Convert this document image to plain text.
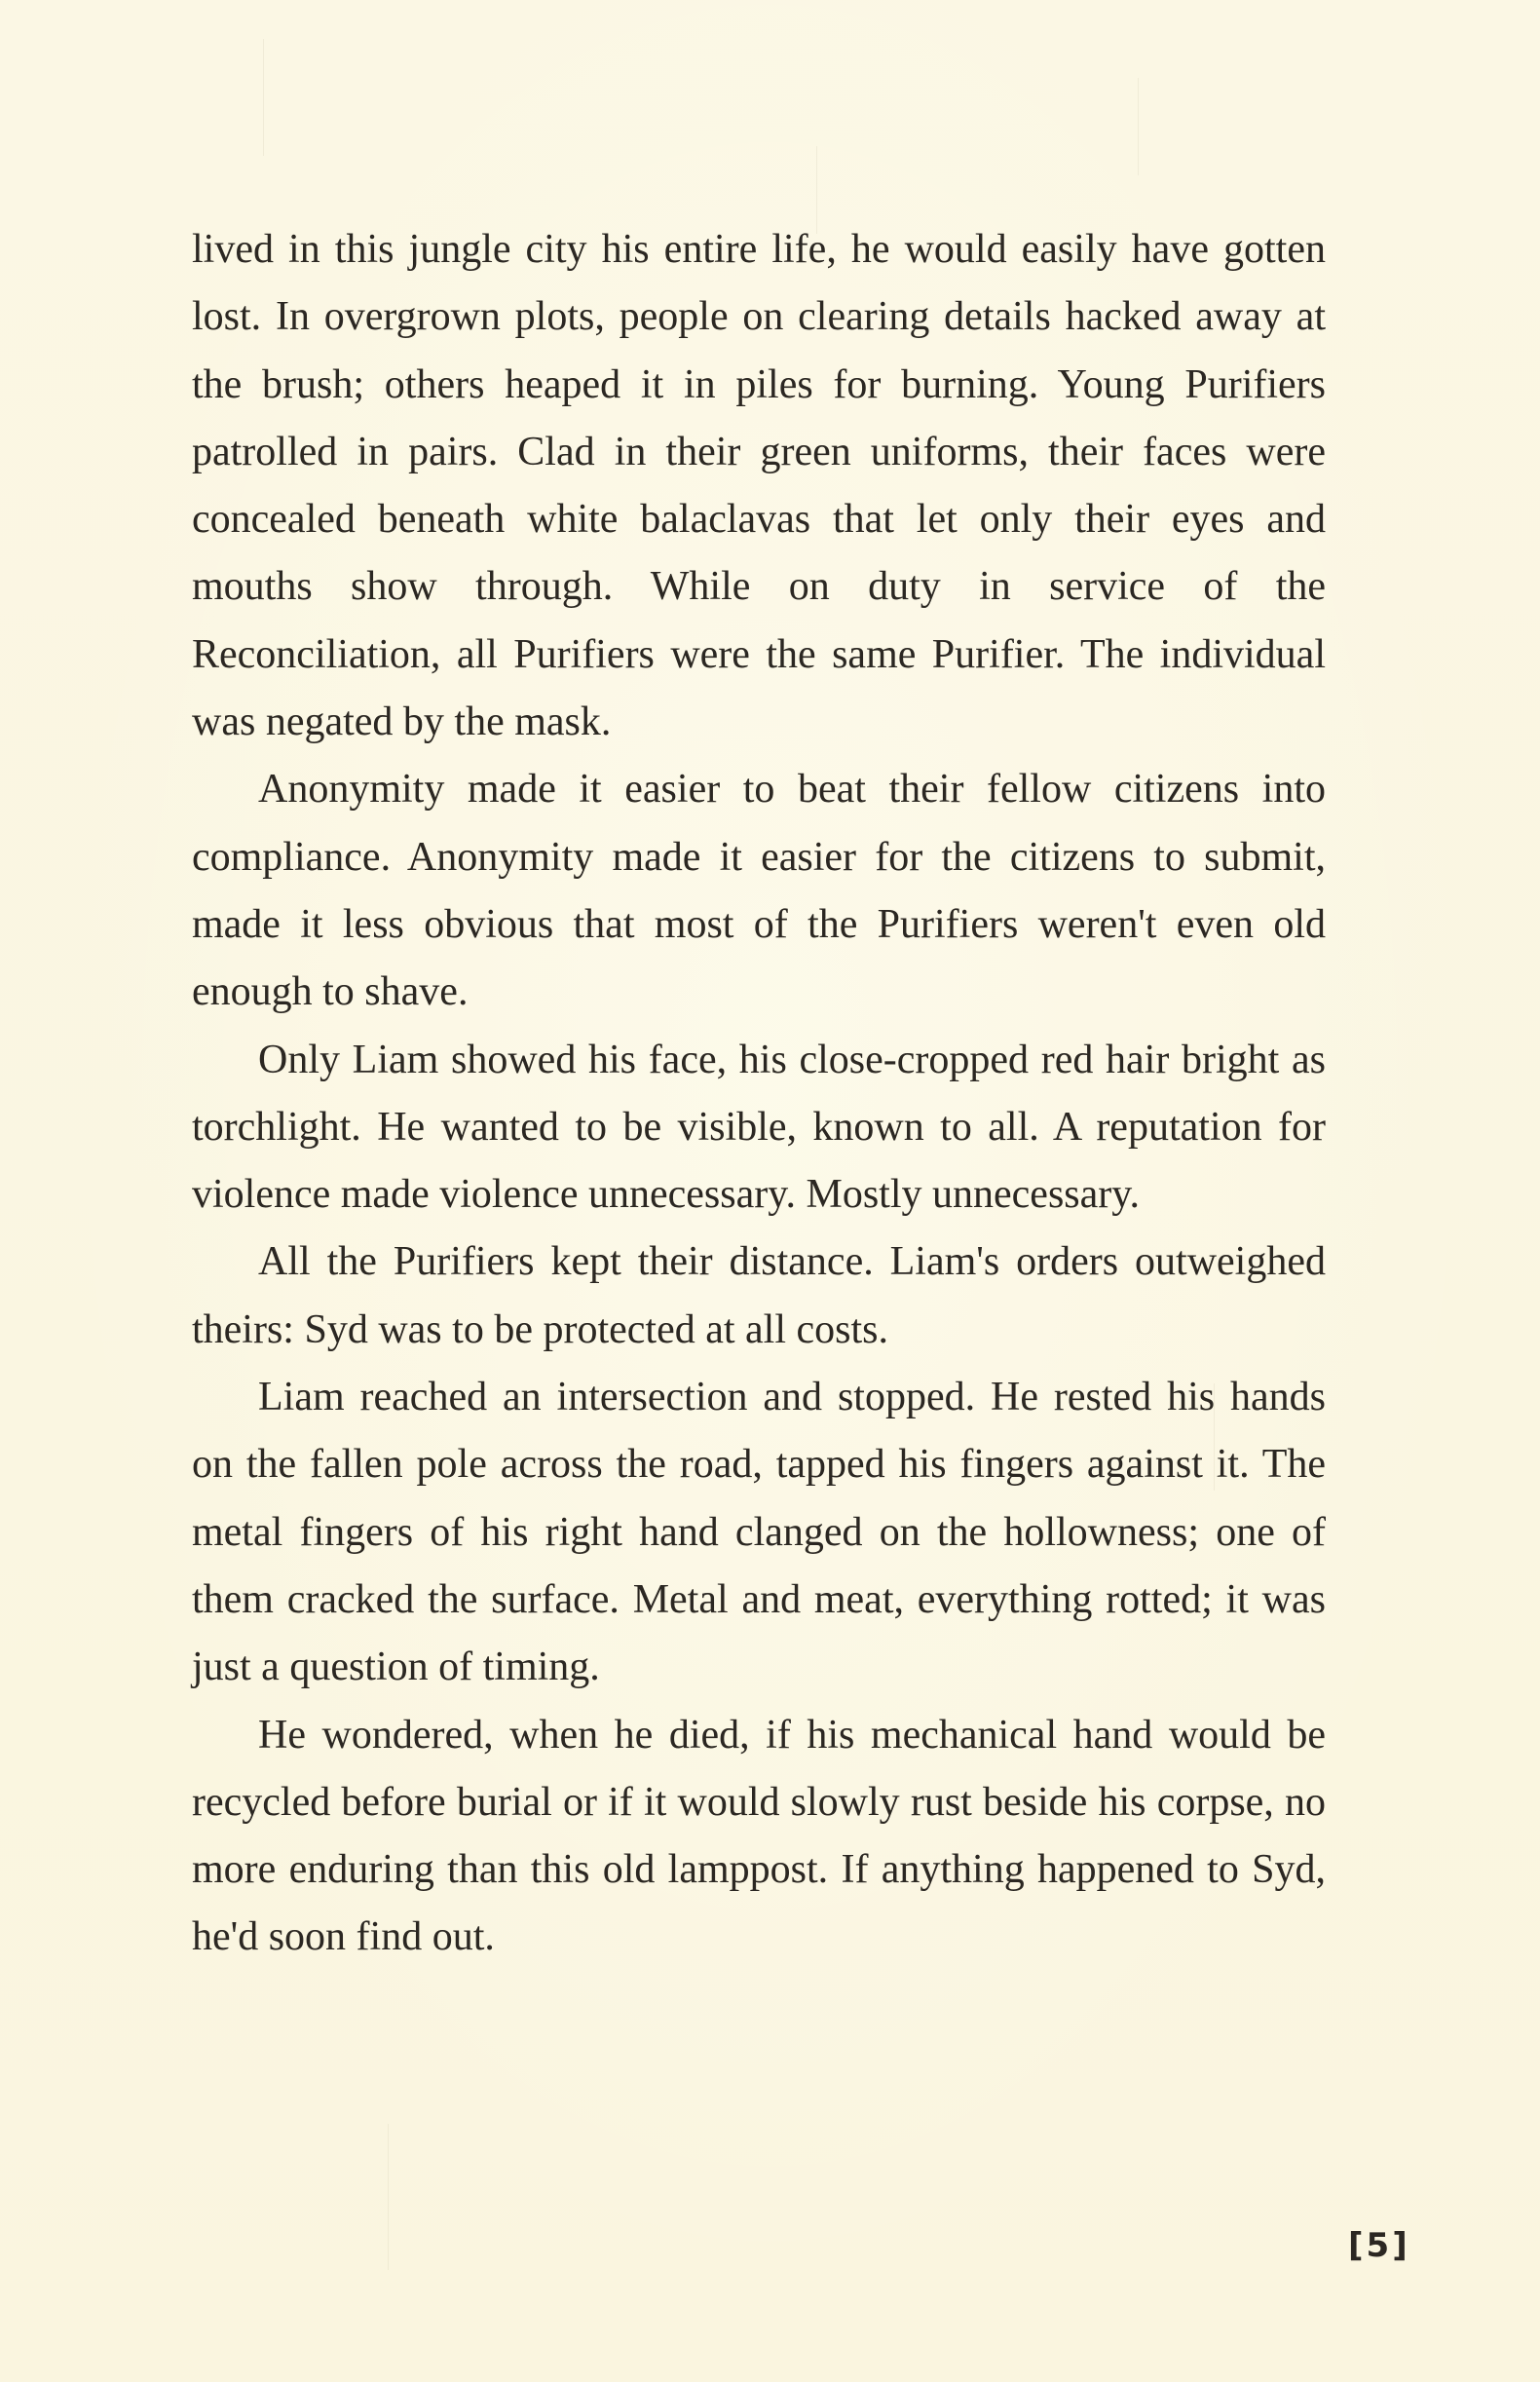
lived in this jungle city his entire life, he would easily have gotten lost. In overgrown plots, people on clearing details hacked away at the brush; others heaped it in piles for burning. Young Purifiers patrolled in pairs. Clad in their green uniforms, their faces were concealed beneath white balaclavas that let only their eyes and mouths show through. While on duty in service of the Reconciliation, all Purifiers were the same Purifier. The individual was negated by the mask.

Anonymity made it easier to beat their fellow citizens into compliance. Anonymity made it easier for the citizens to submit, made it less obvious that most of the Purifiers weren't even old enough to shave.

Only Liam showed his face, his close-cropped red hair bright as torchlight. He wanted to be visible, known to all. A reputation for violence made violence unnecessary. Mostly unnecessary.

All the Purifiers kept their distance. Liam's orders outweighed theirs: Syd was to be protected at all costs.

Liam reached an intersection and stopped. He rested his hands on the fallen pole across the road, tapped his fingers against it. The metal fingers of his right hand clanged on the hollowness; one of them cracked the surface. Metal and meat, everything rotted; it was just a question of timing.

He wondered, when he died, if his mechanical hand would be recycled before burial or if it would slowly rust beside his corpse, no more enduring than this old lamppost. If anything happened to Syd, he'd soon find out.

[5]
